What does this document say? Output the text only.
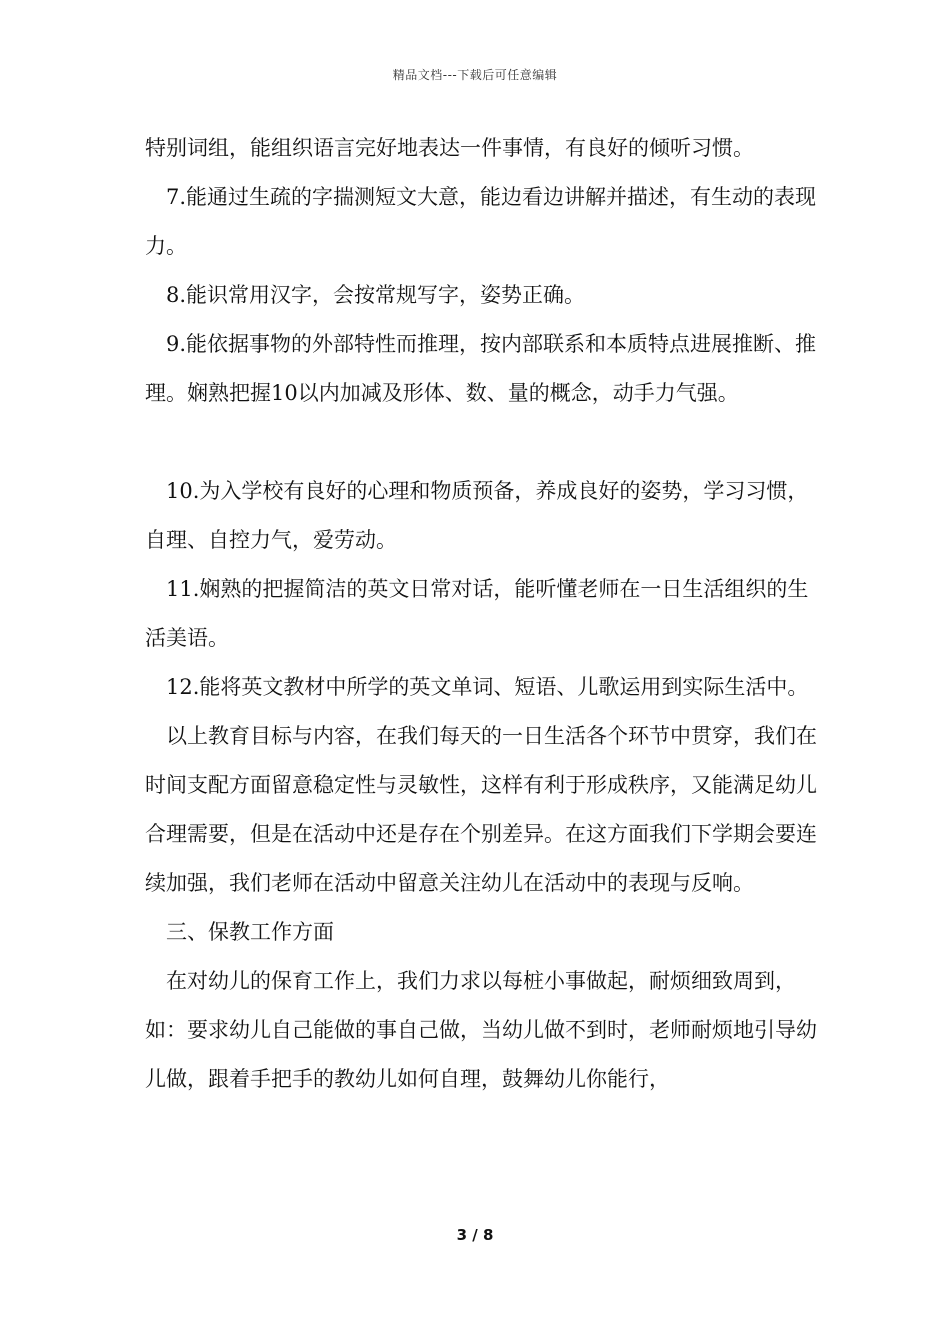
精品文档---下载后可任意编辑

特别词组，能组织语言完好地表达一件事情，有良好的倾听习惯。

7.能通过生疏的字揣测短文大意，能边看边讲解并描述，有生动的表现力。

8.能识常用汉字，会按常规写字，姿势正确。

9.能依据事物的外部特性而推理，按内部联系和本质特点进展推断、推理。娴熟把握10以内加减及形体、数、量的概念，动手力气强。

10.为入学校有良好的心理和物质预备，养成良好的姿势，学习习惯，自理、自控力气，爱劳动。

11.娴熟的把握简洁的英文日常对话，能听懂老师在一日生活组织的生活美语。

12.能将英文教材中所学的英文单词、短语、儿歌运用到实际生活中。

以上教育目标与内容，在我们每天的一日生活各个环节中贯穿，我们在时间支配方面留意稳定性与灵敏性，这样有利于形成秩序，又能满足幼儿合理需要，但是在活动中还是存在个别差异。在这方面我们下学期会要连续加强，我们老师在活动中留意关注幼儿在活动中的表现与反响。

三、保教工作方面

在对幼儿的保育工作上，我们力求以每桩小事做起，耐烦细致周到，如：要求幼儿自己能做的事自己做，当幼儿做不到时，老师耐烦地引导幼儿做，跟着手把手的教幼儿如何自理，鼓舞幼儿你能行，

3 / 8
